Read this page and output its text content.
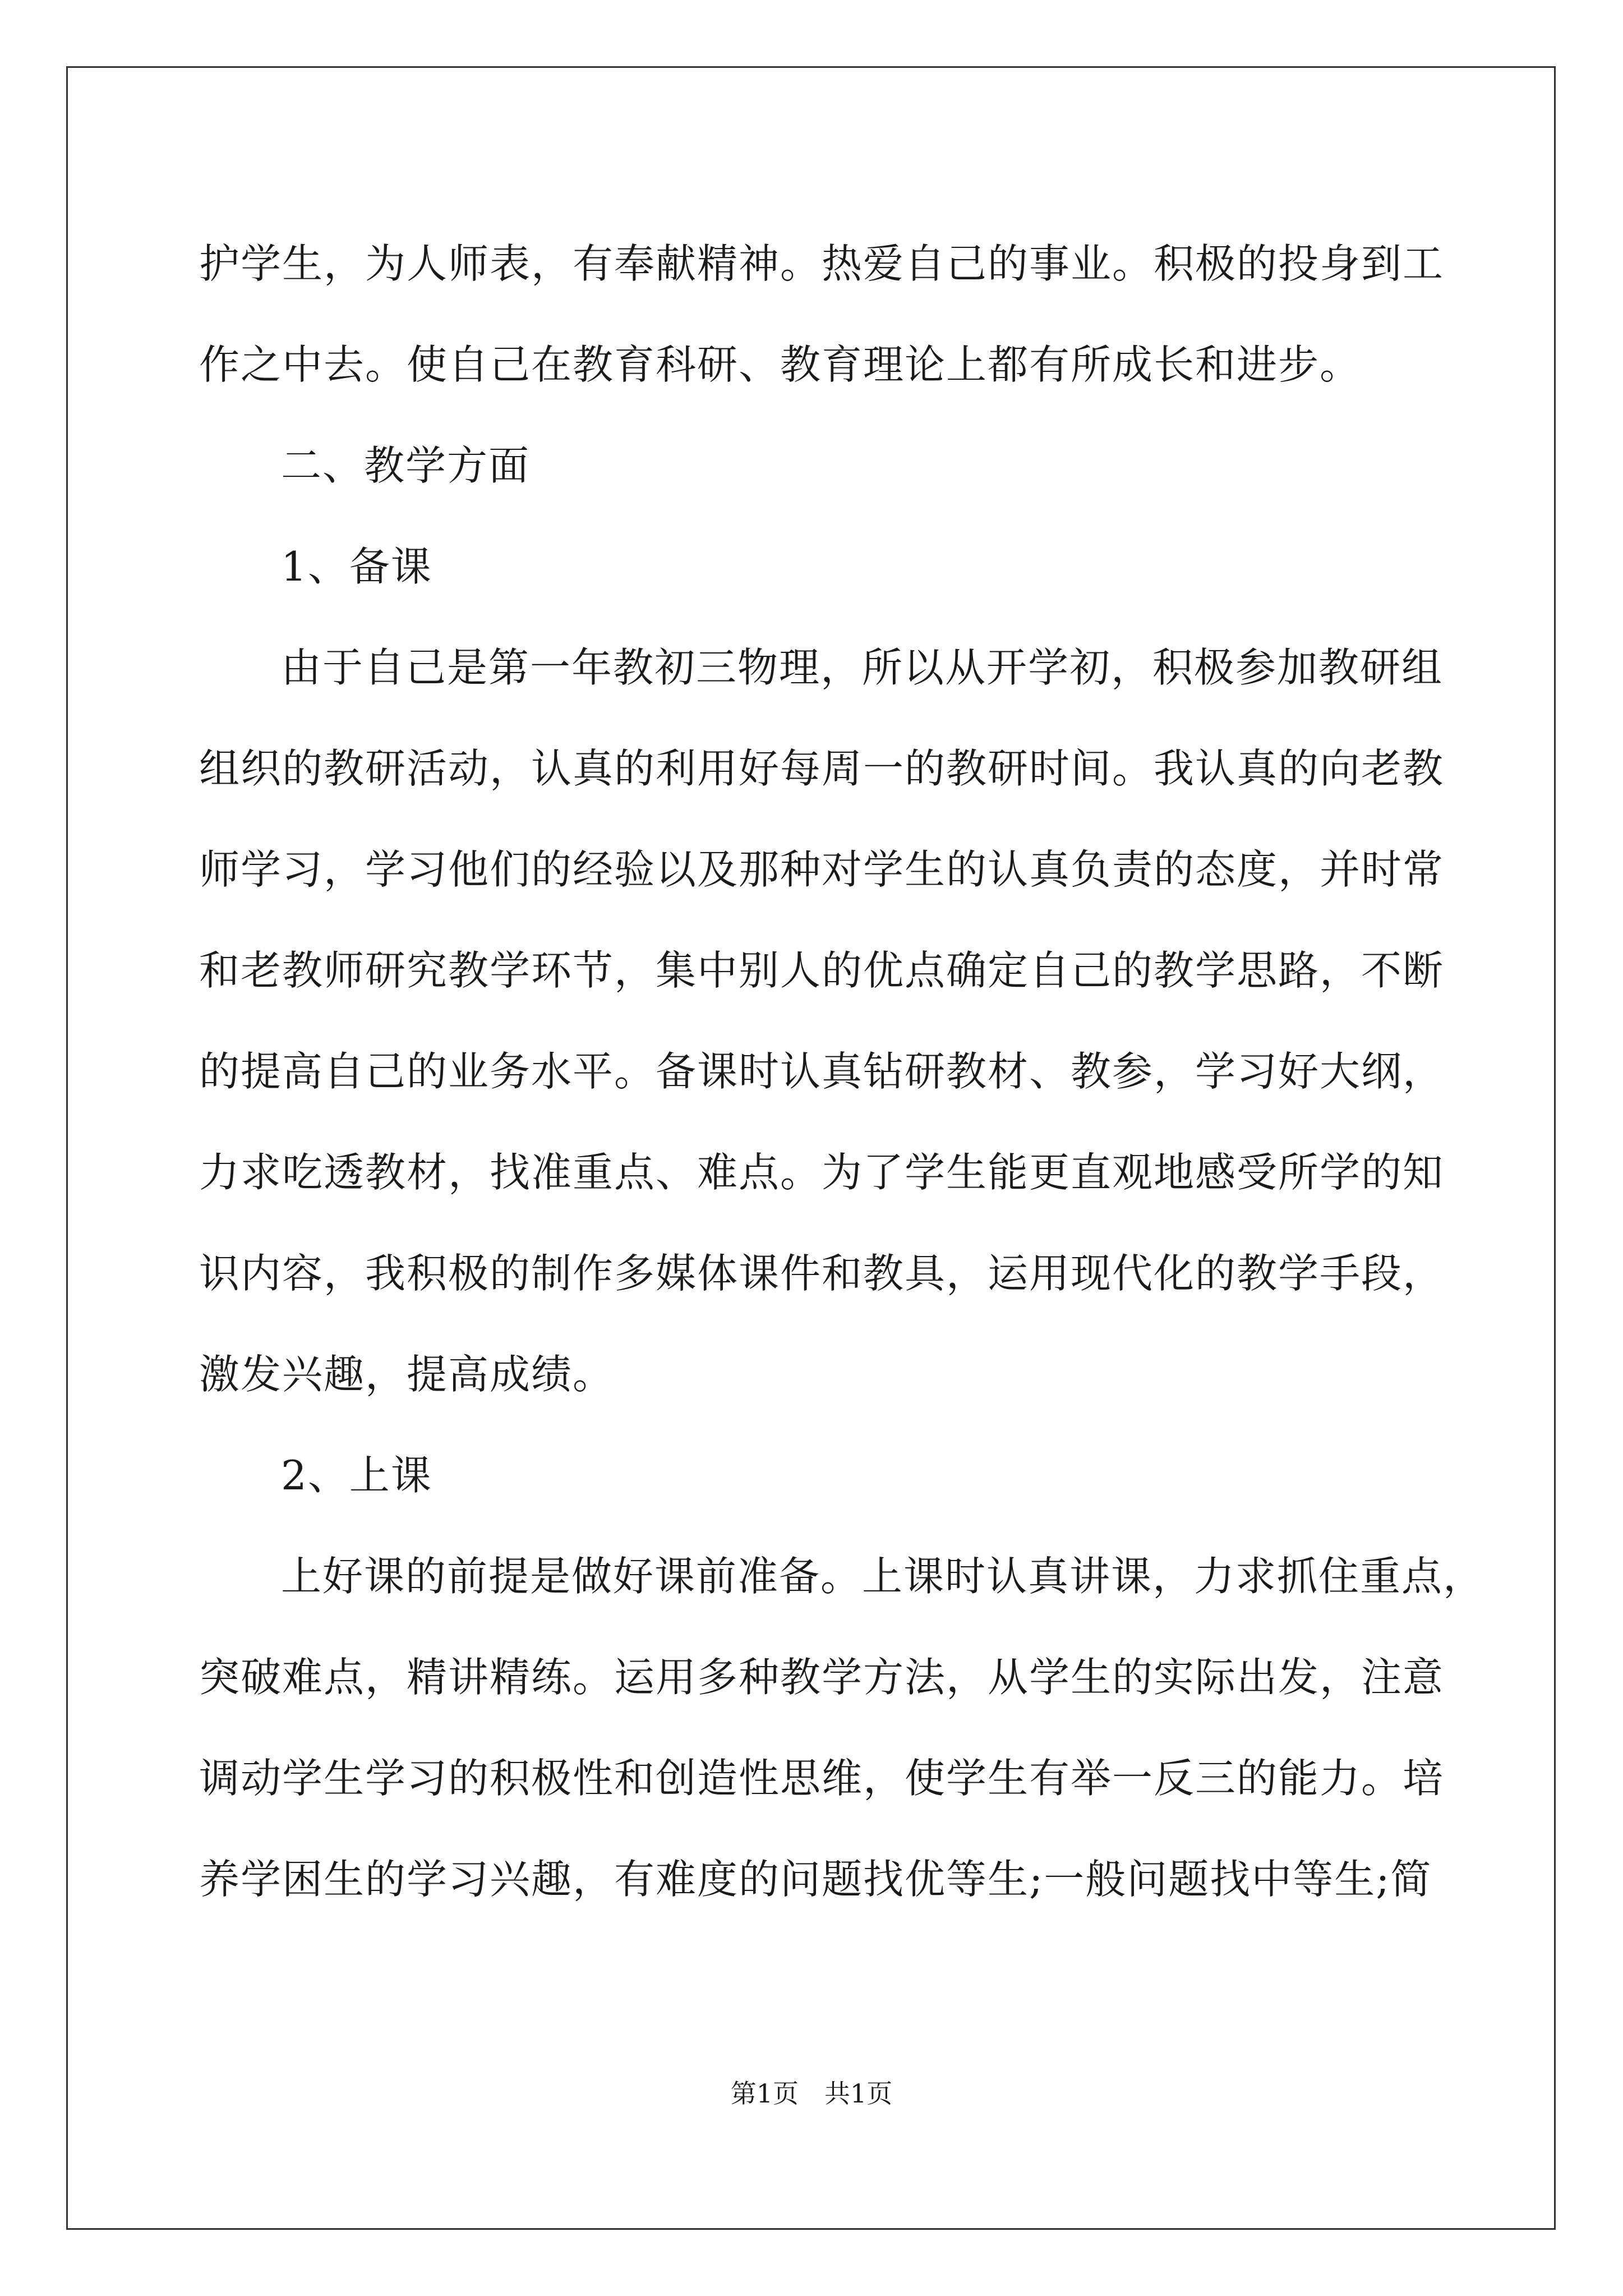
护学生，为人师表，有奉献精神。热爱自己的事业。积极的投身到工
作之中去。使自己在教育科研、教育理论上都有所成长和进步。
二、教学方面
1、备课
由于自己是第一年教初三物理，所以从开学初，积极参加教研组
组织的教研活动，认真的利用好每周一的教研时间。我认真的向老教
师学习，学习他们的经验以及那种对学生的认真负责的态度，并时常
和老教师研究教学环节，集中别人的优点确定自己的教学思路，不断
的提高自己的业务水平。备课时认真钻研教材、教参，学习好大纲，
力求吃透教材，找准重点、难点。为了学生能更直观地感受所学的知
识内容，我积极的制作多媒体课件和教具，运用现代化的教学手段，
激发兴趣，提高成绩。
2、上课
上好课的前提是做好课前准备。上课时认真讲课，力求抓住重点，
突破难点，精讲精练。运用多种教学方法，从学生的实际出发，注意
调动学生学习的积极性和创造性思维，使学生有举一反三的能力。培
养学困生的学习兴趣，有难度的问题找优等生;一般问题找中等生;简
第1页　共1页
